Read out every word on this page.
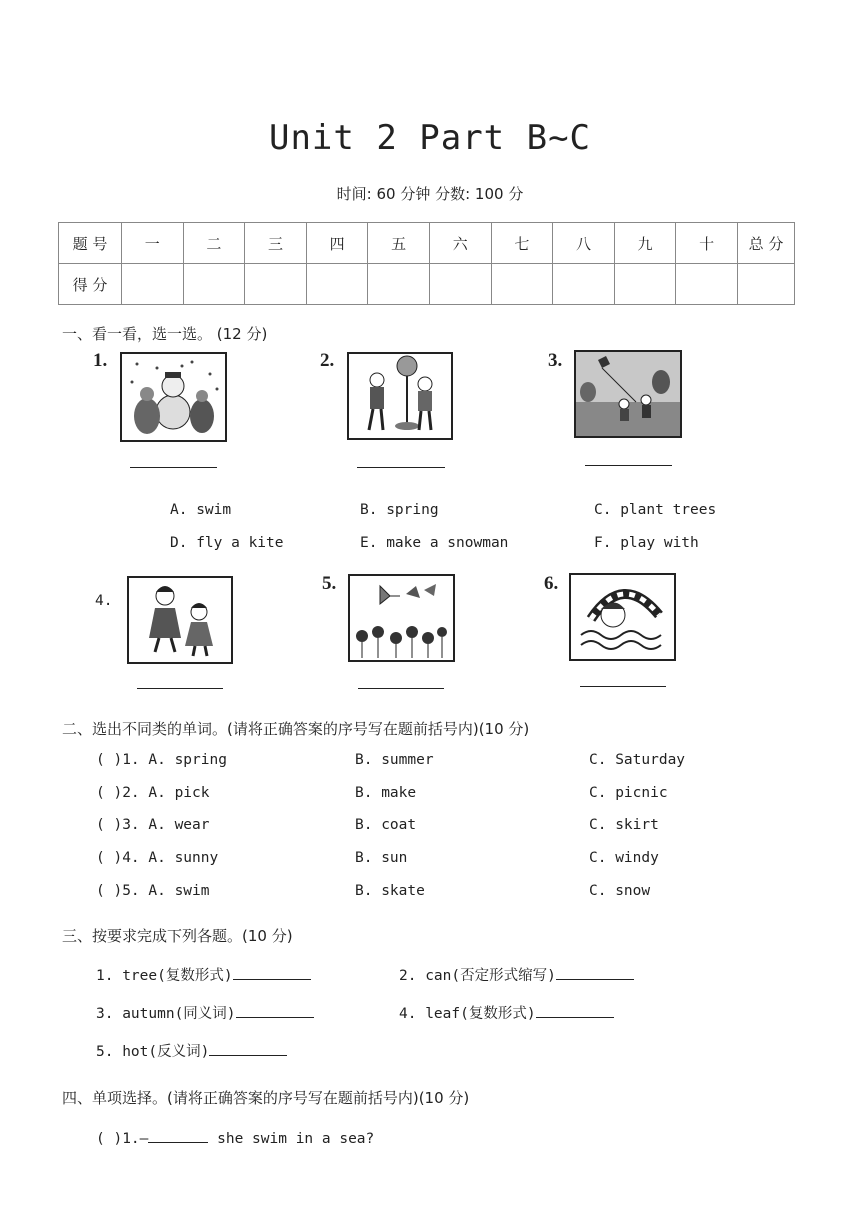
Unit 2 Part B~C
时间: 60 分钟 分数: 100 分
题 号	一	二	三	四	五	六	七	八	九	十	总 分
得 分											
一、看一看，选一选。 (12 分)
1.	2.	3.
A. swim	B. spring	C. plant trees
D. fly a kite	E. make a snowman	F. play with
4.
5.	6.
二、选出不同类的单词。(请将正确答案的序号写在题前括号内)(10 分)
( )1. A. spring	B. summer	C. Saturday
( )2. A. pick	B. make	C. picnic
( )3. A. wear	B. coat	C. skirt
( )4. A. sunny	B. sun	C. windy
( )5. A. swim	B. skate	C. snow
三、按要求完成下列各题。(10 分)
1. tree(复数形式)	2. can(否定形式缩写)
3. autumn(同义词)	4. leaf(复数形式)
5. hot(反义词)
四、单项选择。(请将正确答案的序号写在题前括号内)(10 分)
( )1.—	she swim in a sea?
